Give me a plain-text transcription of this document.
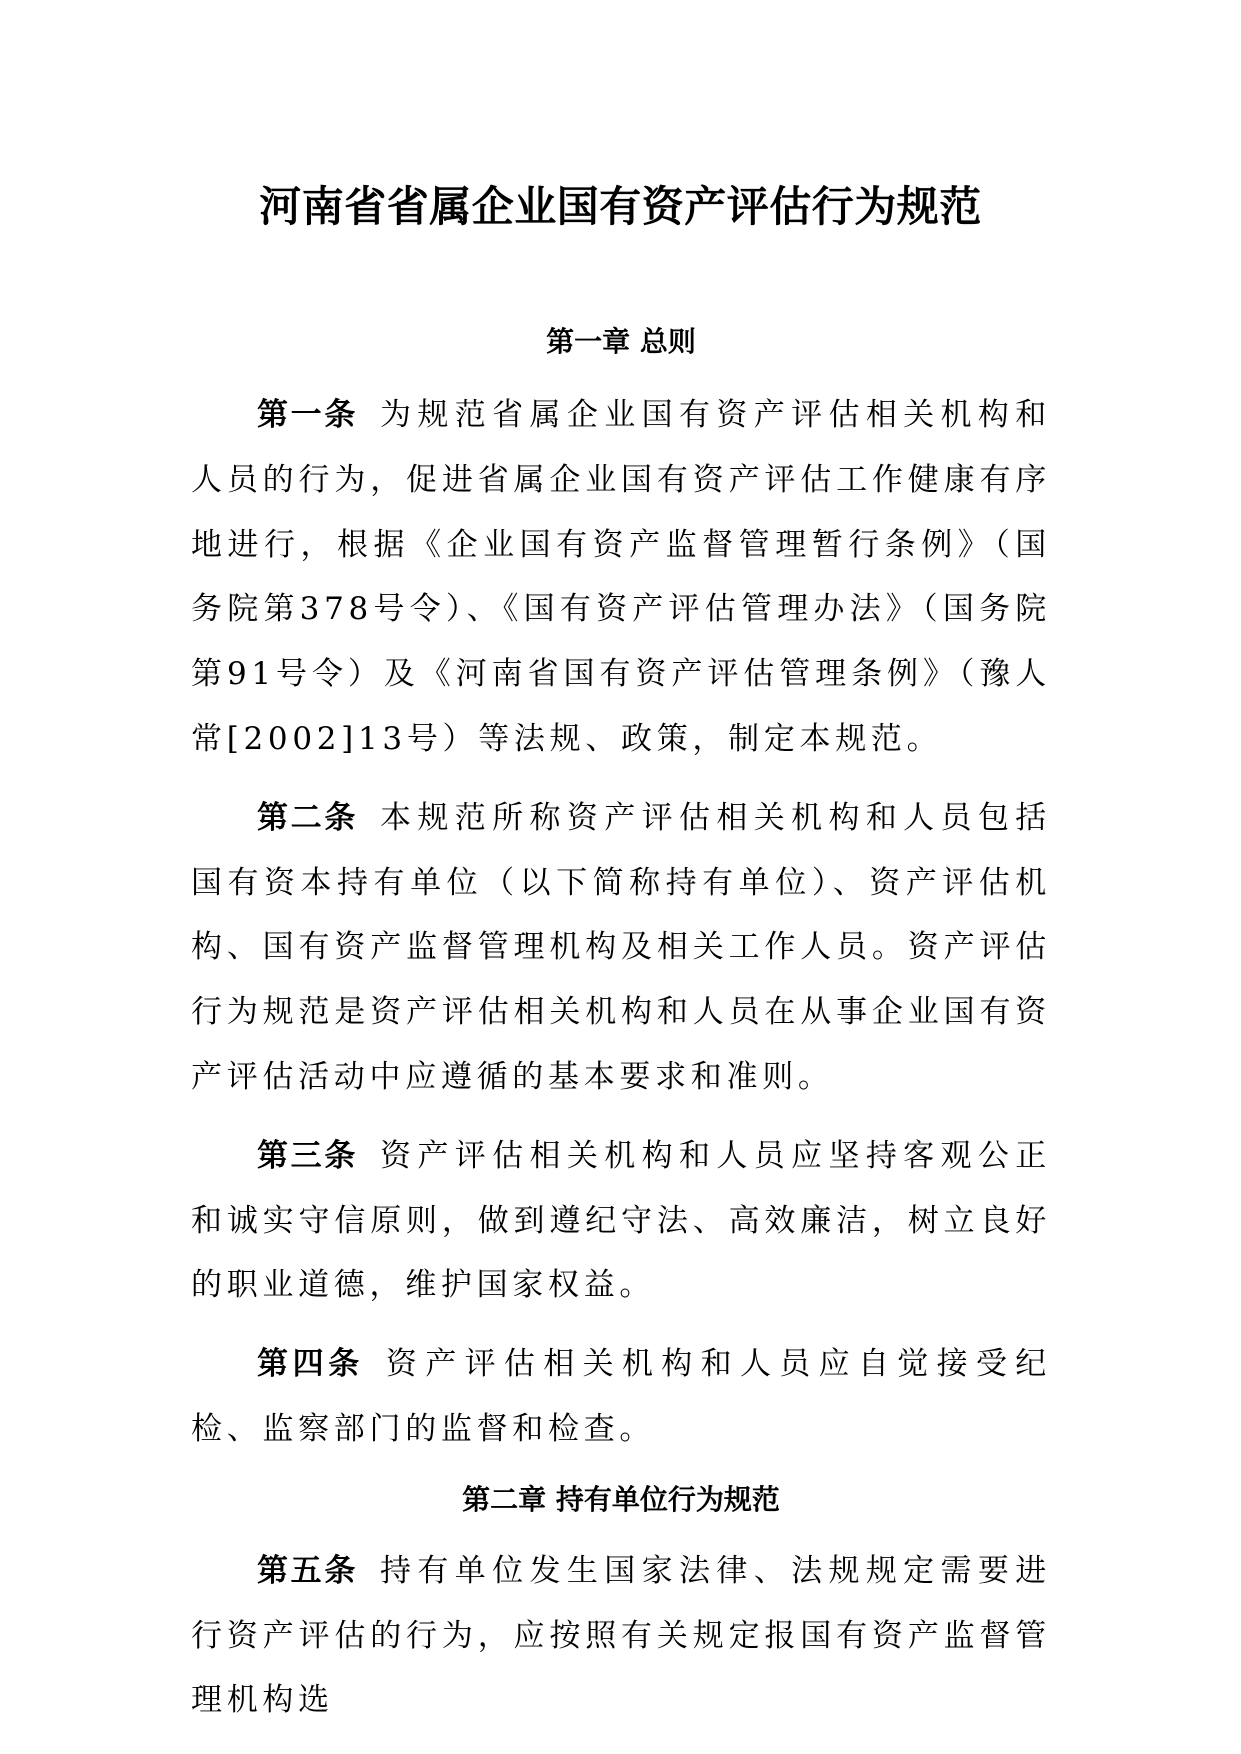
河南省省属企业国有资产评估行为规范
第一章 总则

第一条 为规范省属企业国有资产评估相关机构和人员的行为，促进省属企业国有资产评估工作健康有序地进行，根据《企业国有资产监督管理暂行条例》（国务院第378号令）、《国有资产评估管理办法》（国务院第91号令）及《河南省国有资产评估管理条例》（豫人常[2002]13号）等法规、政策，制定本规范。

第二条 本规范所称资产评估相关机构和人员包括国有资本持有单位（以下简称持有单位）、资产评估机构、国有资产监督管理机构及相关工作人员。资产评估行为规范是资产评估相关机构和人员在从事企业国有资产评估活动中应遵循的基本要求和准则。

第三条 资产评估相关机构和人员应坚持客观公正和诚实守信原则，做到遵纪守法、高效廉洁，树立良好的职业道德，维护国家权益。

第四条 资产评估相关机构和人员应自觉接受纪检、监察部门的监督和检查。

第二章 持有单位行为规范

第五条 持有单位发生国家法律、法规规定需要进行资产评估的行为，应按照有关规定报国有资产监督管理机构选
